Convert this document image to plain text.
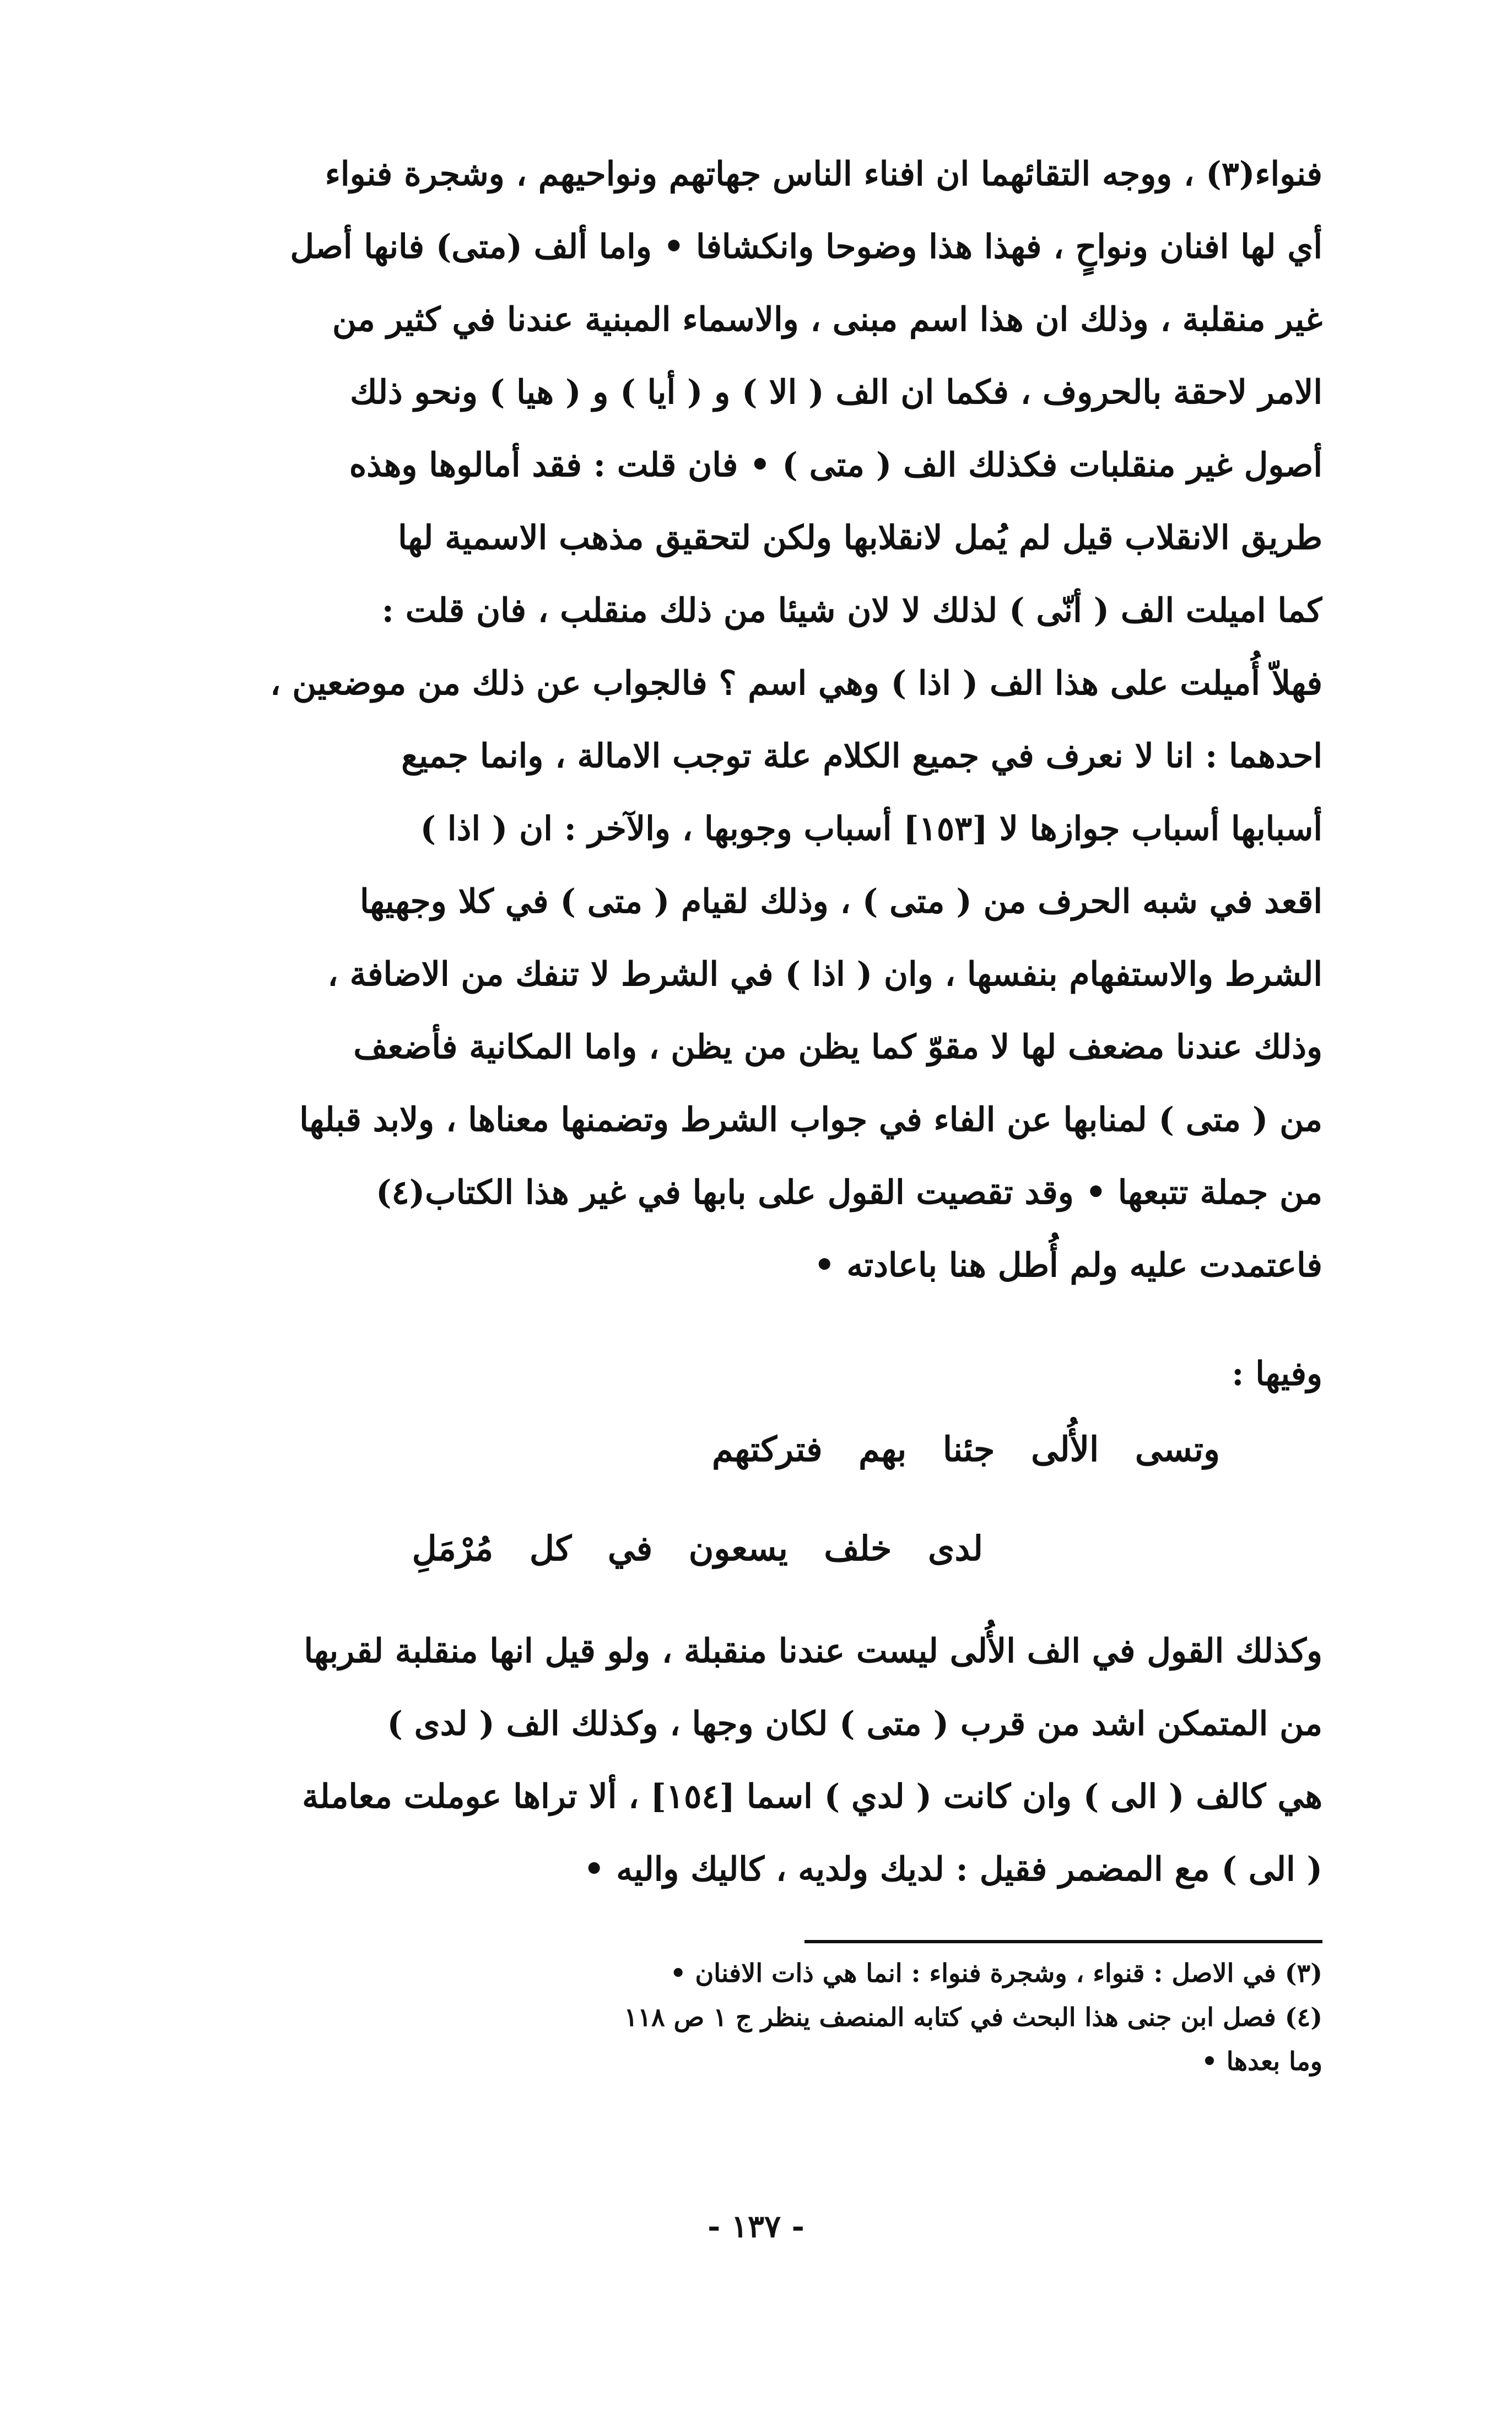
فنواء(٣) ، ووجه التقائهما ان افناء الناس جهاتهم ونواحيهم ، وشجرة فنواء
أي لها افنان ونواحٍ ، فهذا هذا وضوحا وانكشافا • واما ألف (متى) فانها أصل
غير منقلبة ، وذلك ان هذا اسم مبنى ، والاسماء المبنية عندنا في كثير من
الامر لاحقة بالحروف ، فكما ان الف ( الا ) و ( أيا ) و ( هيا ) ونحو ذلك
أصول غير منقلبات فكذلك الف ( متى ) • فان قلت : فقد أمالوها وهذه
طريق الانقلاب قيل لم يُمل لانقلابها ولكن لتحقيق مذهب الاسمية لها
كما اميلت الف ( أنّى ) لذلك لا لان شيئا من ذلك منقلب ، فان قلت :
فهلاّ أُميلت على هذا الف ( اذا ) وهي اسم ؟ فالجواب عن ذلك من موضعين ،
احدهما : انا لا نعرف في جميع الكلام علة توجب الامالة ، وانما جميع
أسبابها أسباب جوازها لا [١٥٣] أسباب وجوبها ، والآخر : ان ( اذا )
اقعد في شبه الحرف من ( متى ) ، وذلك لقيام ( متى ) في كلا وجهيها
الشرط والاستفهام بنفسها ، وان ( اذا ) في الشرط لا تنفك من الاضافة ،
وذلك عندنا مضعف لها لا مقوّ كما يظن من يظن ، واما المكانية فأضعف
من ( متى ) لمنابها عن الفاء في جواب الشرط وتضمنها معناها ، ولابد قبلها
من جملة تتبعها • وقد تقصيت القول على بابها في غير هذا الكتاب(٤)
فاعتمدت عليه ولم أُطل هنا باعادته •
وفيها :
وتسى الأُلى جئنا بهم فتركتهم
لدى خلف يسعون في كل مُرْمَلِ
وكذلك القول في الف الأُلى ليست عندنا منقبلة ، ولو قيل انها منقلبة لقربها
من المتمكن اشد من قرب ( متى ) لكان وجها ، وكذلك الف ( لدى )
هي كالف ( الى ) وان كانت ( لدي ) اسما [١٥٤] ، ألا تراها عوملت معاملة
( الى ) مع المضمر فقيل : لديك ولديه ، كاليك واليه •
(٣) في الاصل : قنواء ، وشجرة فنواء : انما هي ذات الافنان •
(٤) فصل ابن جنى هذا البحث في كتابه المنصف ينظر ج ١ ص ١١٨
وما بعدها •
- ١٣٧ -
